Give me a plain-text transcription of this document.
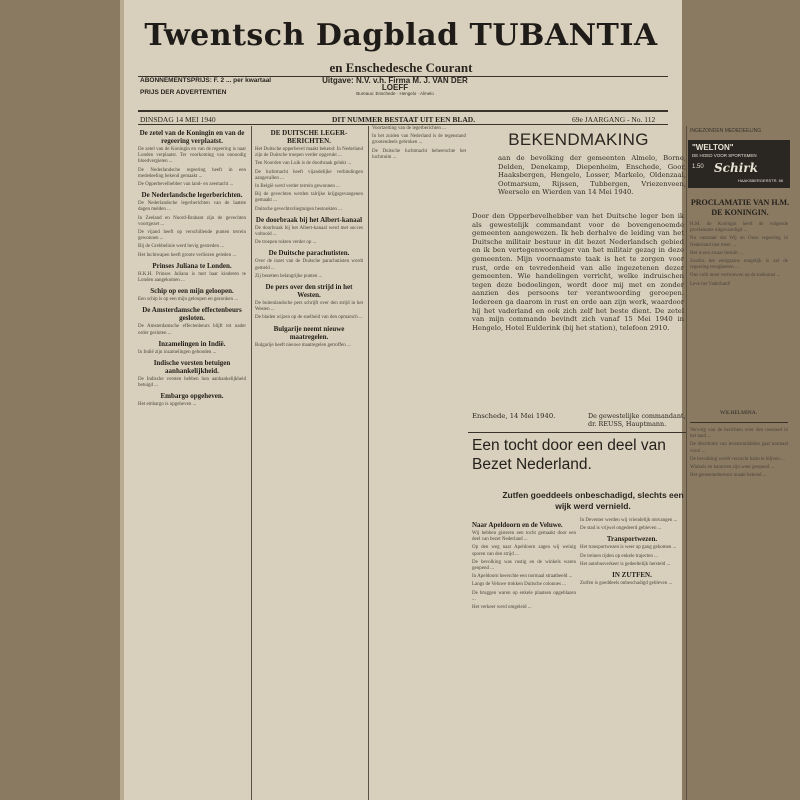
Twentsch Dagblad TUBANTIA
en Enschedesche Courant
ABONNEMENTSPRIJS: F. 2 ... per kwartaal

PRIJS DER ADVERTENTIEN
Uitgave: N.V. v.h. Firma M. J. VAN DER LOEFF
Bureaux: Enschede · Hengelo · Almelo
DINSDAG 14 MEI 1940	DIT NUMMER BESTAAT UIT EEN BLAD.	69e JAARGANG - No. 112
De zetel van de Koningin en van de regeering verplaatst.

De zetel van de Koningin en van de regeering is naar Londen verplaatst. Ter voorkoming van onnoodig bloedvergieten ...

De Nederlandsche regeering heeft in een mededeeling bekend gemaakt ...

De Opperbevelhebber van land- en zeemacht ...

De Nederlandsche legerberichten.

De Nederlandsche legerberichten van de laatste dagen melden ...

In Zeeland en Noord-Brabant zijn de gevechten voortgezet ...

De vijand heeft op verschillende punten terrein gewonnen ...

Bij de Grebbelinie werd hevig gestreden ...

Het luchtwapen heeft groote verliezen geleden ...

Prinses Juliana te Londen.

H.K.H. Prinses Juliana is met haar kinderen te Londen aangekomen ...

Schip op een mijn geloopen.

Een schip is op een mijn geloopen en gezonken ...

De Amsterdamsche effectenbeurs gesloten.

De Amsterdamsche effectenbeurs blijft tot nader order gesloten ...

Inzamelingen in Indië.

In Indië zijn inzamelingen gehouden ...

Indische vorsten betuigen aanhankelijkheid.

De Indische vorsten hebben hun aanhankelijkheid betuigd ...

Embargo opgeheven.

Het embargo is opgeheven ...

DE DUITSCHE LEGER-BERICHTEN.

Het Duitsche opperbevel maakt bekend: In Nederland zijn de Duitsche troepen verder opgerukt ...

Ten Noorden van Luik is de doorbraak gelukt ...

De luchtmacht heeft vijandelijke verbindingen aangevallen ...

In België werd verder terrein gewonnen ...

Bij de gevechten werden talrijke krijgsgevangenen gemaakt ...

Duitsche gevechtsvliegtuigen bestookten ...

De doorbraak bij het Albert-kanaal

De doorbraak bij het Albert-kanaal werd met succes voltooid ...

De troepen rukten verder op ...

De Duitsche parachutisten.

Over de inzet van de Duitsche parachutisten wordt gemeld ...

Zij bezetten belangrijke punten ...

De pers over den strijd in het Westen.

De buitenlandsche pers schrijft over den strijd in het Westen ...

De bladen wijzen op de snelheid van den opmarsch ...

Bulgarije neemt nieuwe maatregelen.

Bulgarije heeft nieuwe maatregelen getroffen ...

Voortzetting van de legerberichten ...

In het zuiden van Nederland is de tegenstand grootendeels gebroken ...

De Duitsche luchtmacht beheerschte het luchtruim ...

BEKENDMAKING
aan de bevolking der gemeenten Almelo, Borne, Delden, Denekamp, Diepenheim, Enschede, Goor, Haaksbergen, Hengelo, Losser, Markelo, Oldenzaal, Ootmarsum, Rijssen, Tubbergen, Vriezenveen, Weerselo en Wierden van 14 Mei 1940.
Door den Opperbevelhebber van het Duitsche leger ben ik als gewestelijk commandant voor de bovengenoemde gemeenten aangewezen. Ik heb derhalve de leiding van het Duitsche militair bestuur in dit bezet Nederlandsch gebied en ik ben vertegenwoordiger van het militair gezag in deze gemeenten. Mijn voornaamste taak is het te zorgen voor rust, orde en tevredenheid van alle ingezetenen dezer gemeenten. Wie handelingen verricht, welke indruischen tegen deze bedoelingen, wordt door mij met en zonder aanzien des persoons ter verantwoording geroepen. Iedereen ga daarom in rust en orde aan zijn werk, waardoor hij het vaderland en ook zich zelf het beste dient. De zetel van mijn commando bevindt zich vanaf 15 Mei 1940 in Hengelo, Hotel Eulderink (bij het station), telefoon 2910.
Enschede, 14 Mei 1940.	De gewestelijke commandant,
dr. REUSS, Hauptmann.
Een tocht door een deel van Bezet Nederland.
Zutfen goeddeels onbeschadigd, slechts een wijk werd vernield.
Naar Apeldoorn en de Veluwe.

Wij hebben gisteren een tocht gemaakt door een deel van bezet Nederland ...

Op den weg naar Apeldoorn zagen wij weinig sporen van den strijd ...

De bevolking was rustig en de winkels waren geopend ...

In Apeldoorn heerschte een normaal straatbeeld ...

Langs de Veluwe trokken Duitsche colonnes ...

De bruggen waren op enkele plaatsen opgeblazen ...

Het verkeer werd omgeleid ...

In Deventer werden wij vriendelijk ontvangen ...

De stad is vrijwel ongedeerd gebleven ...

Transportwezen.

Het transportwezen is weer op gang gekomen ...

De treinen rijden op enkele trajecten ...

Het autobusverkeer is gedeeltelijk hersteld ...

IN ZUTFEN.

Zutfen is goeddeels onbeschadigd gebleven ...

INGEZONDEN MEDEDEELING
"WELTON"
DE HOED VOOR SPORTSMEN
1.50 Schirk
HAAKSBERGERSTR. 56
PROCLAMATIE VAN H.M. DE KONINGIN.

H.M. de Koningin heeft de volgende proclamatie uitgevaardigd ...

Nu vaststaat dat Wij en Onze regeering in Nederland niet meer ...

Het is een zwaar besluit ...

Zoodra het eenigszins mogelijk is zal de regeering terugkeeren ...

Ons volk moet vertrouwen op de toekomst ...

Leve het Vaderland!

WILHELMINA.

Vervolg van de berichten over den toestand in het land ...

De distributie van levensmiddelen gaat normaal voort ...

De bevolking wordt verzocht kalm te blijven ...

Winkels en kantoren zijn weer geopend ...

Het gemeentebestuur maakt bekend ...
